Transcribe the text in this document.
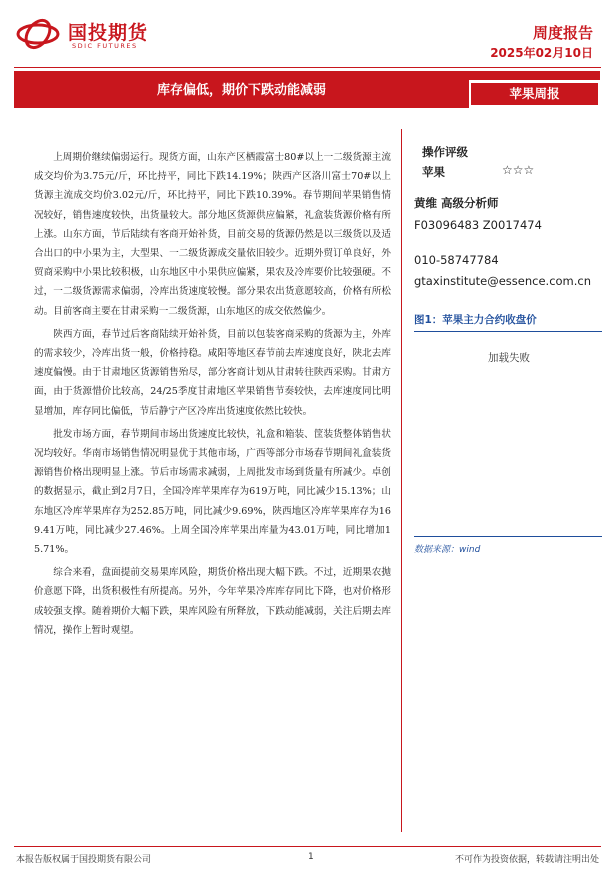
国投期货
SDIC FUTURES
周度报告
2025年02月10日
库存偏低，期价下跌动能减弱	苹果周报

上周期价继续偏弱运行。现货方面，山东产区栖霞富士80#以上一二级货源主流成交均价为3.75元/斤，环比持平，同比下跌14.19%；陕西产区洛川富士70#以上货源主流成交均价3.02元/斤，环比持平，同比下跌10.39%。春节期间苹果销售情况较好，销售速度较快，出货量较大。部分地区货源供应偏紧，礼盒装货源价格有所上涨。山东方面，节后陆续有客商开始补货，目前交易的货源仍然是以三级货以及适合出口的中小果为主，大型果、一二级货源成交量依旧较少。近期外贸订单良好，外贸商采购中小果比较积极，山东地区中小果供应偏紧，果农及冷库要价比较强硬。不过，一二级货源需求偏弱，冷库出货速度较慢。部分果农出货意愿较高，价格有所松动。目前客商主要在甘肃采购一二级货源，山东地区的成交依然偏少。

陕西方面，春节过后客商陆续开始补货，目前以包装客商采购的货源为主，外库的需求较少，冷库出货一般，价格持稳。咸阳等地区春节前去库速度良好，陕北去库速度偏慢。由于甘肃地区货源销售殆尽，部分客商计划从甘肃转往陕西采购。甘肃方面，由于货源惜价比较高，24/25季度甘肃地区苹果销售节奏较快，去库速度同比明显增加，库存同比偏低，节后静宁产区冷库出货速度依然比较快。

批发市场方面，春节期间市场出货速度比较快，礼盒和箱装、筐装货整体销售状况均较好。华南市场销售情况明显优于其他市场，广西等部分市场春节期间礼盒装货源销售价格出现明显上涨。节后市场需求减弱，上周批发市场到货量有所减少。卓创的数据显示，截止到2月7日，全国冷库苹果库存为619万吨，同比减少15.13%；山东地区冷库苹果库存为252.85万吨，同比减少9.69%，陕西地区冷库苹果库存为169.41万吨，同比减少27.46%。上周全国冷库苹果出库量为43.01万吨，同比增加15.71%。

综合来看，盘面提前交易果库风险，期货价格出现大幅下跌。不过，近期果农抛价意愿下降，出货积极性有所提高。另外，今年苹果冷库库存同比下降，也对价格形成较强支撑。随着期价大幅下跌，果库风险有所释放，下跌动能减弱，关注后期去库情况，操作上暂时观望。

操作评级
苹果	☆☆☆
黄维 高级分析师
F03096483 Z0017474
010-58747784
gtaxinstitute@essence.com.cn
图1：苹果主力合约收盘价
加载失败
数据来源：wind
本报告版权属于国投期货有限公司	1	不可作为投资依据，转载请注明出处
